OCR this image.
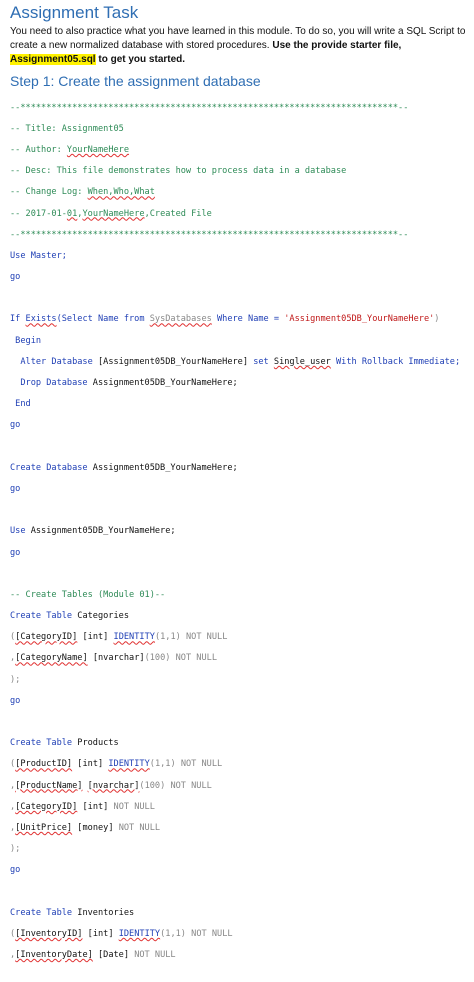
Assignment Task
You need to also practice what you have learned in this module. To do so, you will write a SQL Script to create a new normalized database with stored procedures. Use the provide starter file,
Assignment05.sql to get you started.
Step 1: Create the assignment database

--*************************************************************************--

-- Title: Assignment05

-- Author: YourNameHere

-- Desc: This file demonstrates how to process data in a database

-- Change Log: When,Who,What

-- 2017-01-01,YourNameHere,Created File

--*************************************************************************--

Use Master;

go

If Exists(Select Name from SysDatabases Where Name = 'Assignment05DB_YourNameHere')

Begin

Alter Database [Assignment05DB_YourNameHere] set Single_user With Rollback Immediate;

Drop Database Assignment05DB_YourNameHere;

End

go

Create Database Assignment05DB_YourNameHere;

go

Use Assignment05DB_YourNameHere;

go

-- Create Tables (Module 01)--

Create Table Categories

([CategoryID] [int] IDENTITY(1,1) NOT NULL

,[CategoryName] [nvarchar](100) NOT NULL

);

go

Create Table Products

([ProductID] [int] IDENTITY(1,1) NOT NULL

,[ProductName] [nvarchar](100) NOT NULL

,[CategoryID] [int] NOT NULL

,[UnitPrice] [money] NOT NULL

);

go

Create Table Inventories

([InventoryID] [int] IDENTITY(1,1) NOT NULL

,[InventoryDate] [Date] NOT NULL
